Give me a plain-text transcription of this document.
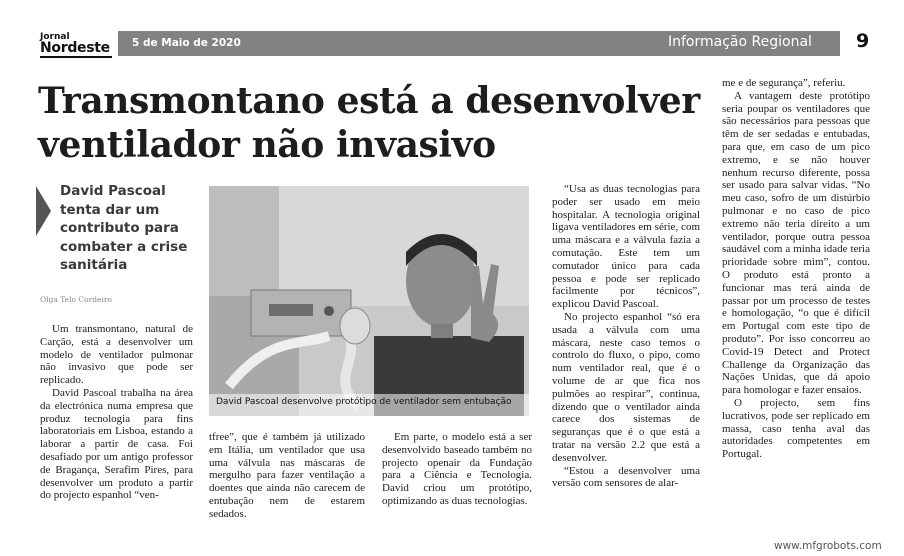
Jornal
Nordeste 5 de Maio de 2020	Informação Regional 9
Transmontano está a desenvolver
ventilador não invasivo
David Pascoal tenta dar um contributo para combater a crise sanitária
Olga Telo Cordeiro
David Pascoal desenvolve protótipo de ventilador sem entubação

Um transmontano, natural de Carção, está a desenvolver um modelo de ventilador pulmonar não invasivo que pode ser replicado.

David Pascoal trabalha na área da electrónica numa empresa que produz tecnologia para fins laboratoriais em Lisboa, estando a laborar a partir de casa. Foi desafiado por um antigo professor de Bragança, Serafim Pires, para desenvolver um produto a partir do projecto espanhol “ven-

tfree”, que é também já utilizado em Itália, um ventilador que usa uma válvula nas máscaras de mergulho para fazer ventilação a doentes que ainda não carecem de entubação nem de estarem sedados.

Em parte, o modelo está a ser desenvolvido baseado também no projecto openair da Fundação para a Ciência e Tecnologia. David criou um protótipo, optimizando as duas tecnologias.

“Usa as duas tecnologias para poder ser usado em meio hospitalar. A tecnologia original ligava ventiladores em série, com uma máscara e a válvula fazia a comutação. Este tem um comutador único para cada pessoa e pode ser replicado facilmente por técnicos”, explicou David Pascoal.

No projecto espanhol “só era usada a válvula com uma máscara, neste caso temos o controlo do fluxo, o pipo, como num ventilador real, que é o volume de ar que fica nos pulmões ao respirar”, continua, dizendo que o ventilador ainda carece dos sistemas de seguranças que é o que está a tratar na versão 2.2 que está a desenvolver.

“Estou a desenvolver uma versão com sensores de alar-

me e de segurança”, referiu.

A vantagem deste protótipo seria poupar os ventiladores que são necessários para pessoas que têm de ser sedadas e entubadas, para que, em caso de um pico extremo, e se não houver nenhum recurso diferente, possa ser usado para salvar vidas. “No meu caso, sofro de um distúrbio pulmonar e no caso de pico extremo não teria direito a um ventilador, porque outra pessoa saudável com a minha idade teria prioridade sobre mim”, contou. O produto está pronto a funcionar mas terá ainda de passar por um processo de testes e homologação, “o que é difícil em Portugal com este tipo de produto”. Por isso concorreu ao Covid-19 Detect and Protect Challenge da Organização das Nações Unidas, que dá apoio para homologar e fazer ensaios.

O projecto, sem fins lucrativos, pode ser replicado em massa, caso tenha aval das autoridades competentes em Portugal.

www.mfgrobots.com
